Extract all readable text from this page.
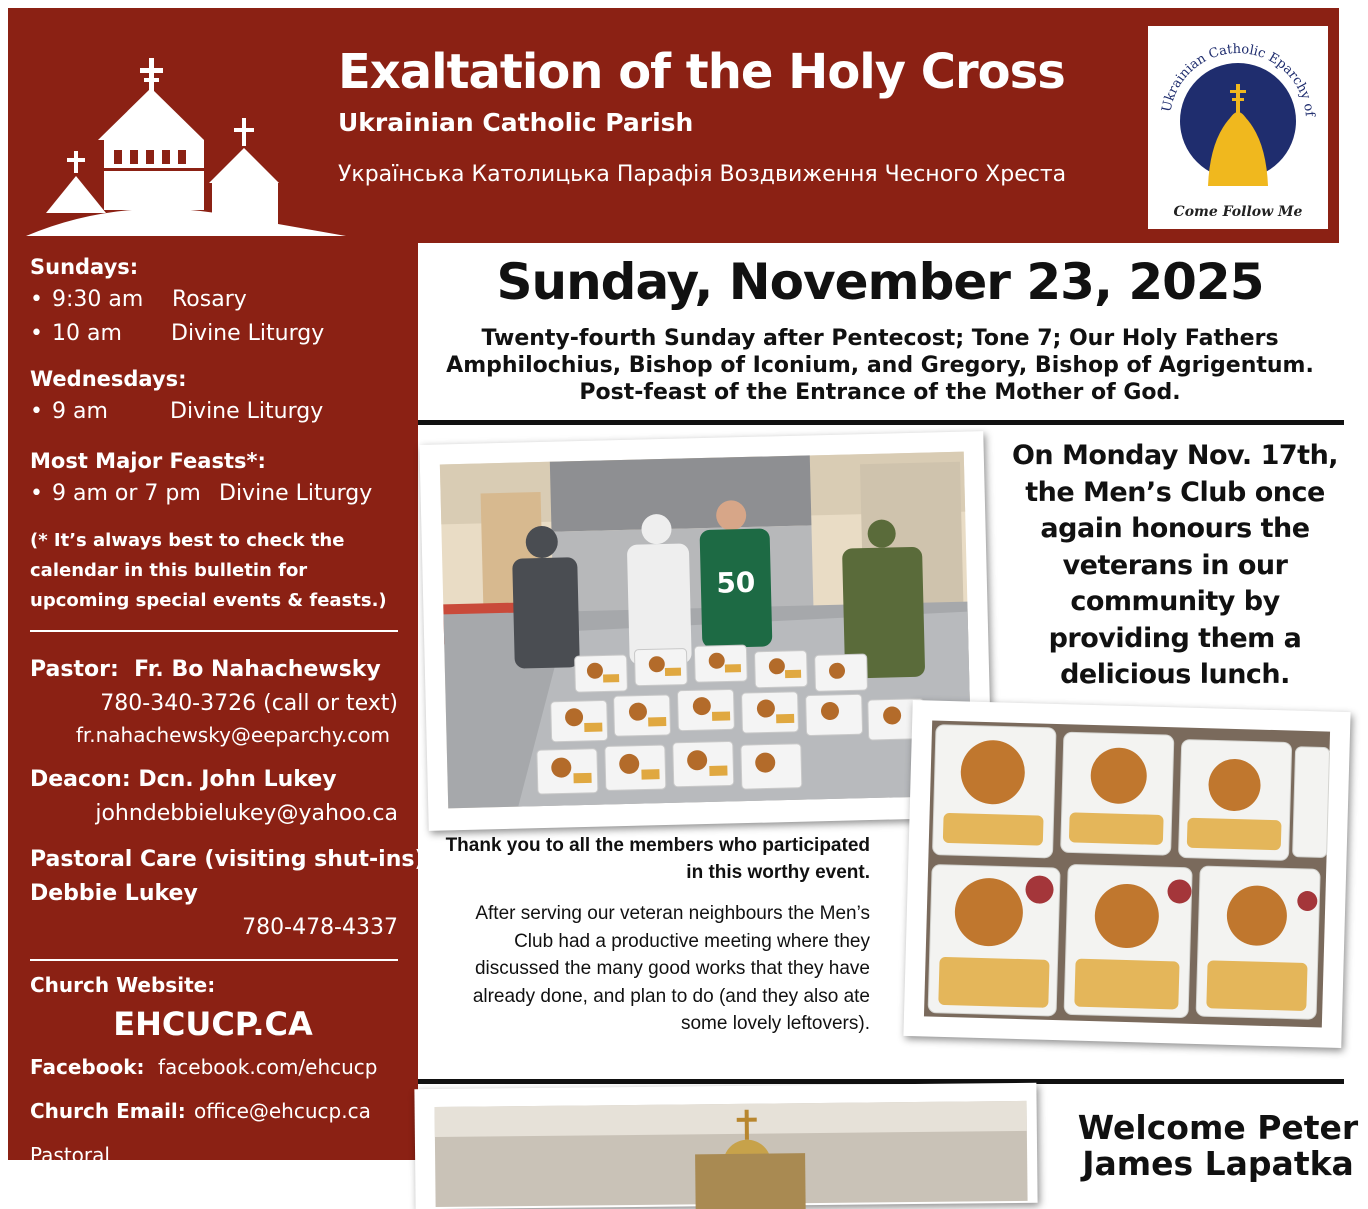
Exaltation of the Holy Cross
Ukrainian Catholic Parish
Українська Католицька Парафія Воздвиження Чесного Хреста
Ukrainian Catholic Eparchy of
Come Follow Me
Sundays:
• 9:30 am Rosary
• 10 am Divine Liturgy
Wednesdays:
• 9 am	Divine Liturgy
Most Major Feasts*:
• 9 am or 7 pm Divine Liturgy
(* It’s always best to check the calendar in this bulletin for upcoming special events & feasts.)
Pastor: Fr. Bo Nahachewsky
780-340-3726 (call or text)
fr.nahachewsky@eeparchy.com
Deacon: Dcn. John Lukey
johndebbielukey@yahoo.ca
Pastoral Care (visiting shut-ins):
Debbie Lukey
780-478-4337
Church Website:
EHCUCP.CA
Facebook: facebook.com/ehcucp
Church Email: office@ehcucp.ca
Pastoral
Sunday, November 23, 2025
Twenty-fourth Sunday after Pentecost; Tone 7; Our Holy Fathers
Amphilochius, Bishop of Iconium, and Gregory, Bishop of Agrigentum.
Post-feast of the Entrance of the Mother of God.
50
On Monday Nov. 17th, the Men’s Club once again honours the veterans in our community by providing them a delicious lunch.
Thank you to all the members who participated in this worthy event.
After serving our veteran neighbours the Men’s Club had a productive meeting where they discussed the many good works that they have already done, and plan to do (and they also ate some lovely leftovers).
Welcome Peter James Lapatka
